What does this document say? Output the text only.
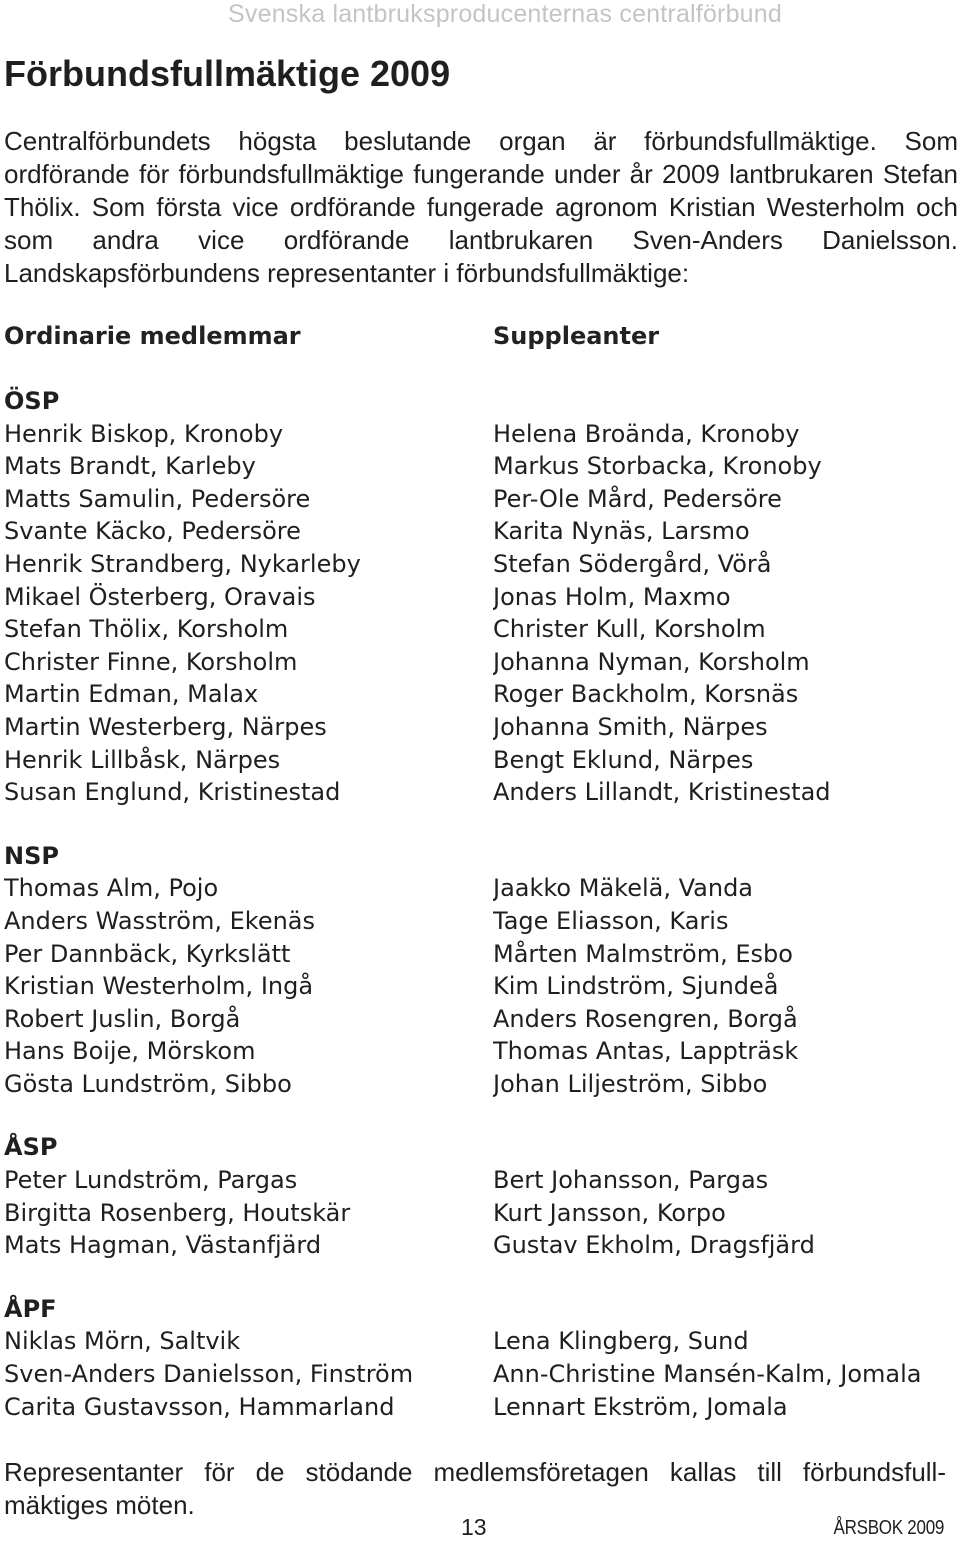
Svenska lantbruksproducenternas centralförbund
Förbundsfullmäktige 2009

Centralförbundets högsta beslutande organ är förbundsfullmäktige. Som ordförande för förbundsfullmäktige fungerande under år 2009 lantbrukaren Stefan Thölix. Som första vice ordförande fungerade agronom Kristian Westerholm och som andra vice ordförande lantbrukaren Sven-Anders Danielsson. Landskapsförbundens representanter i förbundsfullmäktige:

Ordinarie medlemmar	Suppleanter
ÖSP
Henrik Biskop, Kronoby	Helena Broända, Kronoby
Mats Brandt, Karleby	Markus Storbacka, Kronoby
Matts Samulin, Pedersöre	Per-Ole Mård, Pedersöre
Svante Käcko, Pedersöre	Karita Nynäs, Larsmo
Henrik Strandberg, Nykarleby	Stefan Södergård, Vörå
Mikael Österberg, Oravais	Jonas Holm, Maxmo
Stefan Thölix, Korsholm	Christer Kull, Korsholm
Christer Finne, Korsholm	Johanna Nyman, Korsholm
Martin Edman, Malax	Roger Backholm, Korsnäs
Martin Westerberg, Närpes	Johanna Smith, Närpes
Henrik Lillbåsk, Närpes	Bengt Eklund, Närpes
Susan Englund, Kristinestad	Anders Lillandt, Kristinestad
NSP
Thomas Alm, Pojo	Jaakko Mäkelä, Vanda
Anders Wasström, Ekenäs	Tage Eliasson, Karis
Per Dannbäck, Kyrkslätt	Mårten Malmström, Esbo
Kristian Westerholm, Ingå	Kim Lindström, Sjundeå
Robert Juslin, Borgå	Anders Rosengren, Borgå
Hans Boije, Mörskom	Thomas Antas, Lappträsk
Gösta Lundström, Sibbo	Johan Liljeström, Sibbo
ÅSP
Peter Lundström, Pargas	Bert Johansson, Pargas
Birgitta Rosenberg, Houtskär	Kurt Jansson, Korpo
Mats Hagman, Västanfjärd	Gustav Ekholm, Dragsfjärd
ÅPF
Niklas Mörn, Saltvik	Lena Klingberg, Sund
Sven-Anders Danielsson, Finström	Ann-Christine Mansén-Kalm, Jomala
Carita Gustavsson, Hammarland	Lennart Ekström, Jomala

Representanter för de stödande medlemsföretagen kallas till förbundsfull-mäktiges möten.

13	ÅRSBOK 2009
